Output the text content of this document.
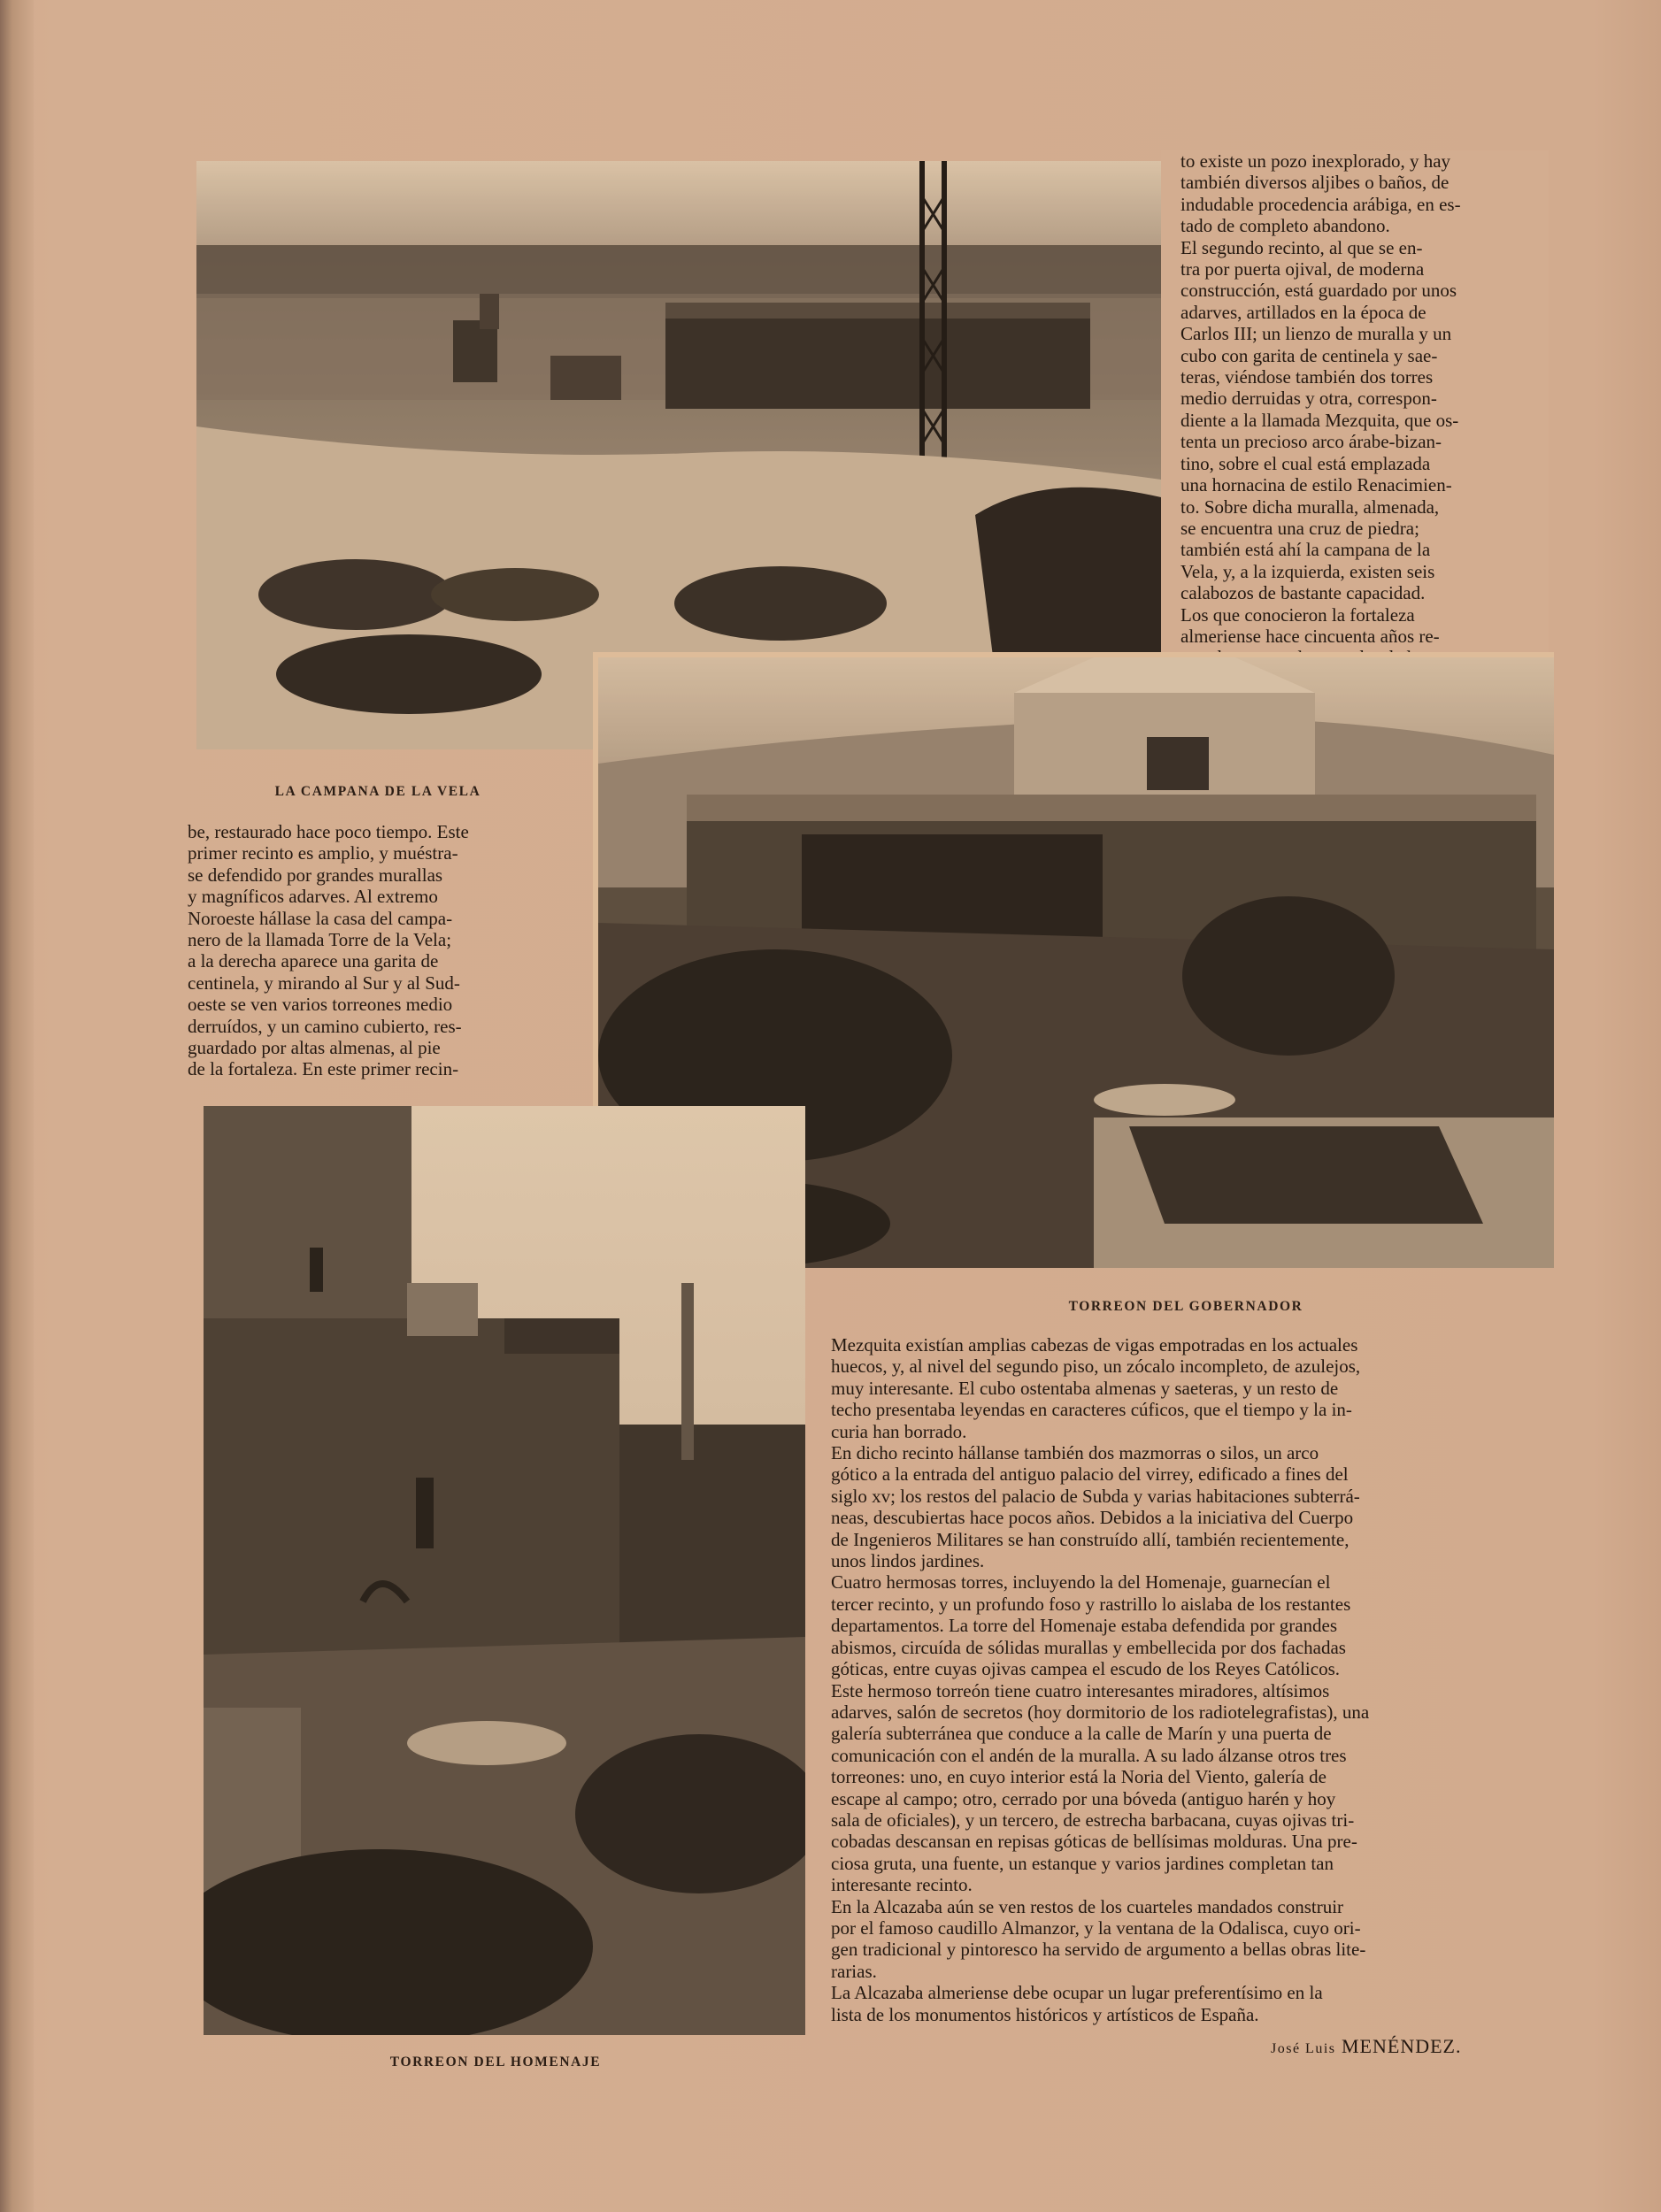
to existe un pozo inexplorado, y hay
también diversos aljibes o baños, de
indudable procedencia arábiga, en es-
tado de completo abandono.
El segundo recinto, al que se en-
tra por puerta ojival, de moderna
construcción, está guardado por unos
adarves, artillados en la época de
Carlos III; un lienzo de muralla y un
cubo con garita de centinela y sae-
teras, viéndose también dos torres
medio derruidas y otra, correspon-
diente a la llamada Mezquita, que os-
tenta un precioso arco árabe-bizan-
tino, sobre el cual está emplazada
una hornacina de estilo Renacimien-
to. Sobre dicha muralla, almenada,
se encuentra una cruz de piedra;
también está ahí la campana de la
Vela, y, a la izquierda, existen seis
calabozos de bastante capacidad.
Los que conocieron la fortaleza
almeriense hace cincuenta años re-

LA CAMPANA DE LA VELA
be, restaurado hace poco tiempo. Este
primer recinto es amplio, y muéstra-
se defendido por grandes murallas
y magníficos adarves. Al extremo
Noroeste hállase la casa del campa-
nero de la llamada Torre de la Vela;
a la derecha aparece una garita de
centinela, y mirando al Sur y al Sud-
oeste se ven varios torreones medio
derruídos, y un camino cubierto, res-
guardado por altas almenas, al pie
de la fortaleza. En este primer recin-
TORREON DEL GOBERNADOR
Mezquita existían amplias cabezas de vigas empotradas en los actuales
huecos, y, al nivel del segundo piso, un zócalo incompleto, de azulejos,
muy interesante. El cubo ostentaba almenas y saeteras, y un resto de
techo presentaba leyendas en caracteres cúficos, que el tiempo y la in-
curia han borrado.
En dicho recinto hállanse también dos mazmorras o silos, un arco
gótico a la entrada del antiguo palacio del virrey, edificado a fines del
siglo xv; los restos del palacio de Subda y varias habitaciones subterrá-
neas, descubiertas hace pocos años. Debidos a la iniciativa del Cuerpo
de Ingenieros Militares se han construído allí, también recientemente,
unos lindos jardines.
Cuatro hermosas torres, incluyendo la del Homenaje, guarnecían el
tercer recinto, y un profundo foso y rastrillo lo aislaba de los restantes
departamentos. La torre del Homenaje estaba defendida por grandes
abismos, circuída de sólidas murallas y embellecida por dos fachadas
góticas, entre cuyas ojivas campea el escudo de los Reyes Católicos.
Este hermoso torreón tiene cuatro interesantes miradores, altísimos
adarves, salón de secretos (hoy dormitorio de los radiotelegrafistas), una
galería subterránea que conduce a la calle de Marín y una puerta de
comunicación con el andén de la muralla. A su lado álzanse otros tres
torreones: uno, en cuyo interior está la Noria del Viento, galería de
escape al campo; otro, cerrado por una bóveda (antiguo harén y hoy
sala de oficiales), y un tercero, de estrecha barbacana, cuyas ojivas tri-
cobadas descansan en repisas góticas de bellísimas molduras. Una pre-
ciosa gruta, una fuente, un estanque y varios jardines completan tan
interesante recinto.
En la Alcazaba aún se ven restos de los cuarteles mandados construir
por el famoso caudillo Almanzor, y la ventana de la Odalisca, cuyo ori-
gen tradicional y pintoresco ha servido de argumento a bellas obras lite-
rarias.
La Alcazaba almeriense debe ocupar un lugar preferentísimo en la
lista de los monumentos históricos y artísticos de España.
José Luis MENÉNDEZ.
TORREON DEL HOMENAJE
